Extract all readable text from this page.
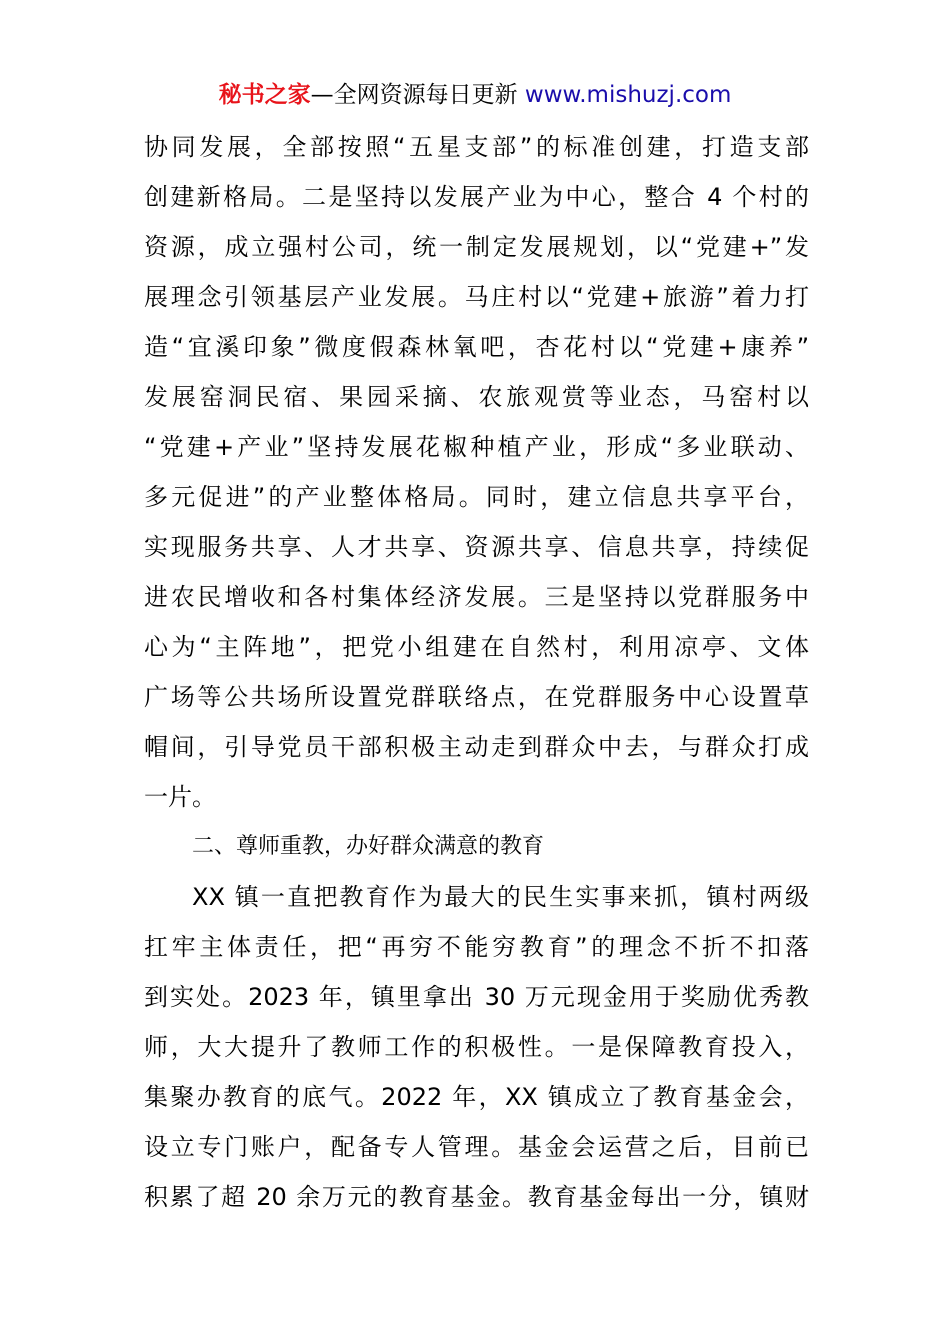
秘书之家—全网资源每日更新 www.mishuzj.com
协同发展，全部按照“五星支部”的标准创建，打造支部
创建新格局。二是坚持以发展产业为中心，整合 4 个村的
资源，成立强村公司，统一制定发展规划，以“党建+”发
展理念引领基层产业发展。马庄村以“党建+旅游”着力打
造“宜溪印象”微度假森林氧吧，杏花村以“党建+康养”
发展窑洞民宿、果园采摘、农旅观赏等业态，马窑村以
“党建+产业”坚持发展花椒种植产业，形成“多业联动、
多元促进”的产业整体格局。同时，建立信息共享平台，
实现服务共享、人才共享、资源共享、信息共享，持续促
进农民增收和各村集体经济发展。三是坚持以党群服务中
心为“主阵地”，把党小组建在自然村，利用凉亭、文体
广场等公共场所设置党群联络点，在党群服务中心设置草
帽间，引导党员干部积极主动走到群众中去，与群众打成
一片。
二、尊师重教，办好群众满意的教育
XX 镇一直把教育作为最大的民生实事来抓，镇村两级
扛牢主体责任，把“再穷不能穷教育”的理念不折不扣落
到实处。2023 年，镇里拿出 30 万元现金用于奖励优秀教
师，大大提升了教师工作的积极性。一是保障教育投入，
集聚办教育的底气。2022 年，XX 镇成立了教育基金会，
设立专门账户，配备专人管理。基金会运营之后，目前已
积累了超 20 余万元的教育基金。教育基金每出一分，镇财
